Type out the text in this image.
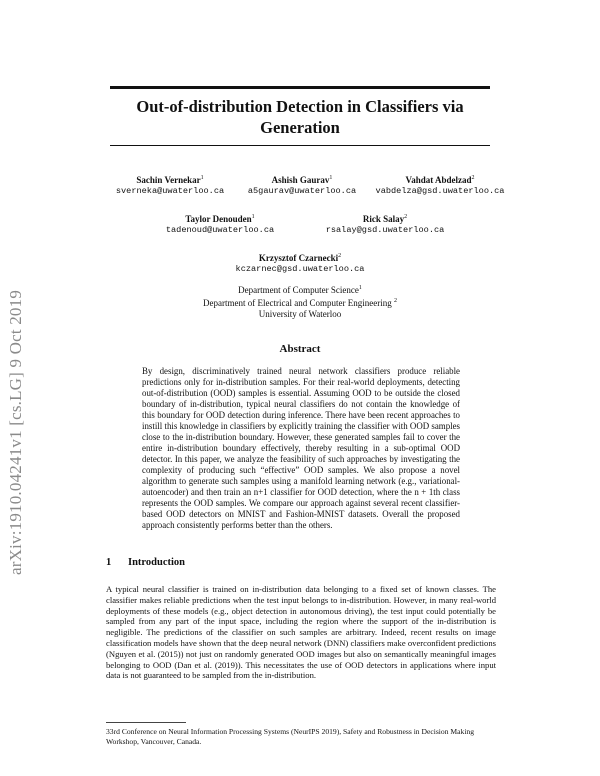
arXiv:1910.04241v1 [cs.LG] 9 Oct 2019
Out-of-distribution Detection in Classifiers via Generation
Sachin Vernekar$^1$
sverneka@uwaterloo.ca
Ashish Gaurav$^1$
a5gaurav@uwaterloo.ca
Vahdat Abdelzad$^2$
vabdelza@gsd.uwaterloo.ca
Taylor Denouden$^1$
tadenoud@uwaterloo.ca
Rick Salay$^2$
rsalay@gsd.uwaterloo.ca
Krzysztof Czarnecki$^2$
kczarnec@gsd.uwaterloo.ca
Department of Computer Science$^1$
Department of Electrical and Computer Engineering $^2$
University of Waterloo
Abstract

By design, discriminatively trained neural network classifiers produce reliable predictions only for in-distribution samples. For their real-world deployments, detecting out-of-distribution (OOD) samples is essential. Assuming OOD to be outside the closed boundary of in-distribution, typical neural classifiers do not contain the knowledge of this boundary for OOD detection during inference. There have been recent approaches to instill this knowledge in classifiers by explicitly training the classifier with OOD samples close to the in-distribution boundary. However, these generated samples fail to cover the entire in-distribution boundary effectively, thereby resulting in a sub-optimal OOD detector. In this paper, we analyze the feasibility of such approaches by investigating the complexity of producing such “effective” OOD samples. We also propose a novel algorithm to generate such samples using a manifold learning network (e.g., variational-autoencoder) and then train an n+1 classifier for OOD detection, where the n + 1th class represents the OOD samples. We compare our approach against several recent classifier-based OOD detectors on MNIST and Fashion-MNIST datasets. Overall the proposed approach consistently performs better than the others.

1 Introduction

A typical neural classifier is trained on in-distribution data belonging to a fixed set of known classes. The classifier makes reliable predictions when the test input belongs to in-distribution. However, in many real-world deployments of these models (e.g., object detection in autonomous driving), the test input could potentially be sampled from any part of the input space, including the region where the support of the in-distribution is negligible. The predictions of the classifier on such samples are arbitrary. Indeed, recent results on image classification models have shown that the deep neural network (DNN) classifiers make overconfident predictions (Nguyen et al. (2015)) not just on randomly generated OOD images but also on semantically meaningful images belonging to OOD (Dan et al. (2019)). This necessitates the use of OOD detectors in applications where input data is not guaranteed to be sampled from the in-distribution.

33rd Conference on Neural Information Processing Systems (NeurIPS 2019), Safety and Robustness in Decision Making Workshop, Vancouver, Canada.
